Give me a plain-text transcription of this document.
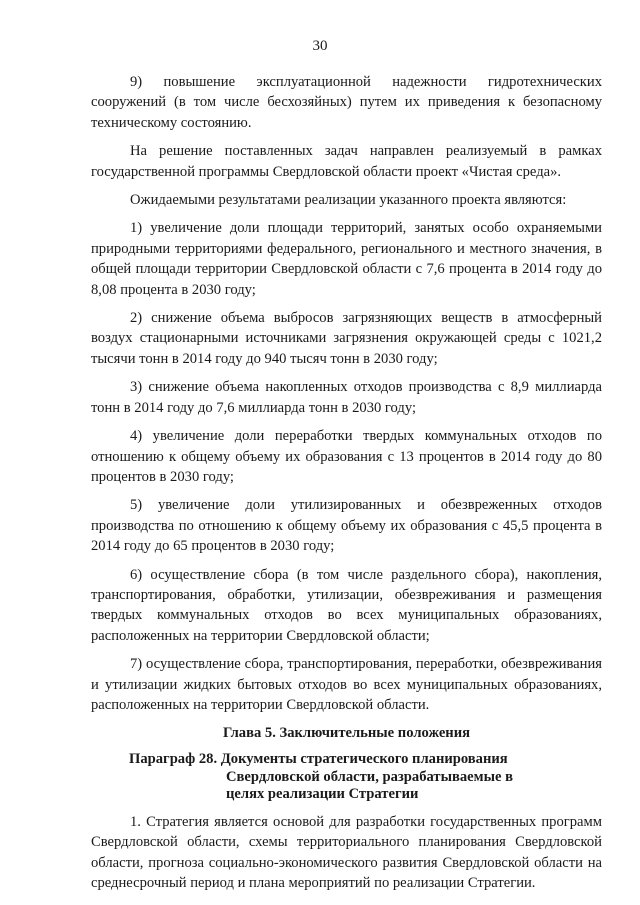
30

9) повышение эксплуатационной надежности гидротехнических сооружений (в том числе бесхозяйных) путем их приведения к безопасному техническому состоянию.

На решение поставленных задач направлен реализуемый в рамках государственной программы Свердловской области проект «Чистая среда».

Ожидаемыми результатами реализации указанного проекта являются:

1) увеличение доли площади территорий, занятых особо охраняемыми природными территориями федерального, регионального и местного значения, в общей площади территории Свердловской области с 7,6 процента в 2014 году до 8,08 процента в 2030 году;

2) снижение объема выбросов загрязняющих веществ в атмосферный воздух стационарными источниками загрязнения окружающей среды с 1021,2 тысячи тонн в 2014 году до 940 тысяч тонн в 2030 году;

3) снижение объема накопленных отходов производства с 8,9 миллиарда тонн в 2014 году до 7,6 миллиарда тонн в 2030 году;

4) увеличение доли переработки твердых коммунальных отходов по отношению к общему объему их образования с 13 процентов в 2014 году до 80 процентов в 2030 году;

5) увеличение доли утилизированных и обезвреженных отходов производства по отношению к общему объему их образования с 45,5 процента в 2014 году до 65 процентов в 2030 году;

6) осуществление сбора (в том числе раздельного сбора), накопления, транспортирования, обработки, утилизации, обезвреживания и размещения твердых коммунальных отходов во всех муниципальных образованиях, расположенных на территории Свердловской области;

7) осуществление сбора, транспортирования, переработки, обезвреживания и утилизации жидких бытовых отходов во всех муниципальных образованиях, расположенных на территории Свердловской области.

Глава 5. Заключительные положения
Параграф 28. Документы стратегического планирования
Свердловской области, разрабатываемые в
целях реализации Стратегии

1. Стратегия является основой для разработки государственных программ Свердловской области, схемы территориального планирования Свердловской области, прогноза социально-экономического развития Свердловской области на среднесрочный период и плана мероприятий по реализации Стратегии.
